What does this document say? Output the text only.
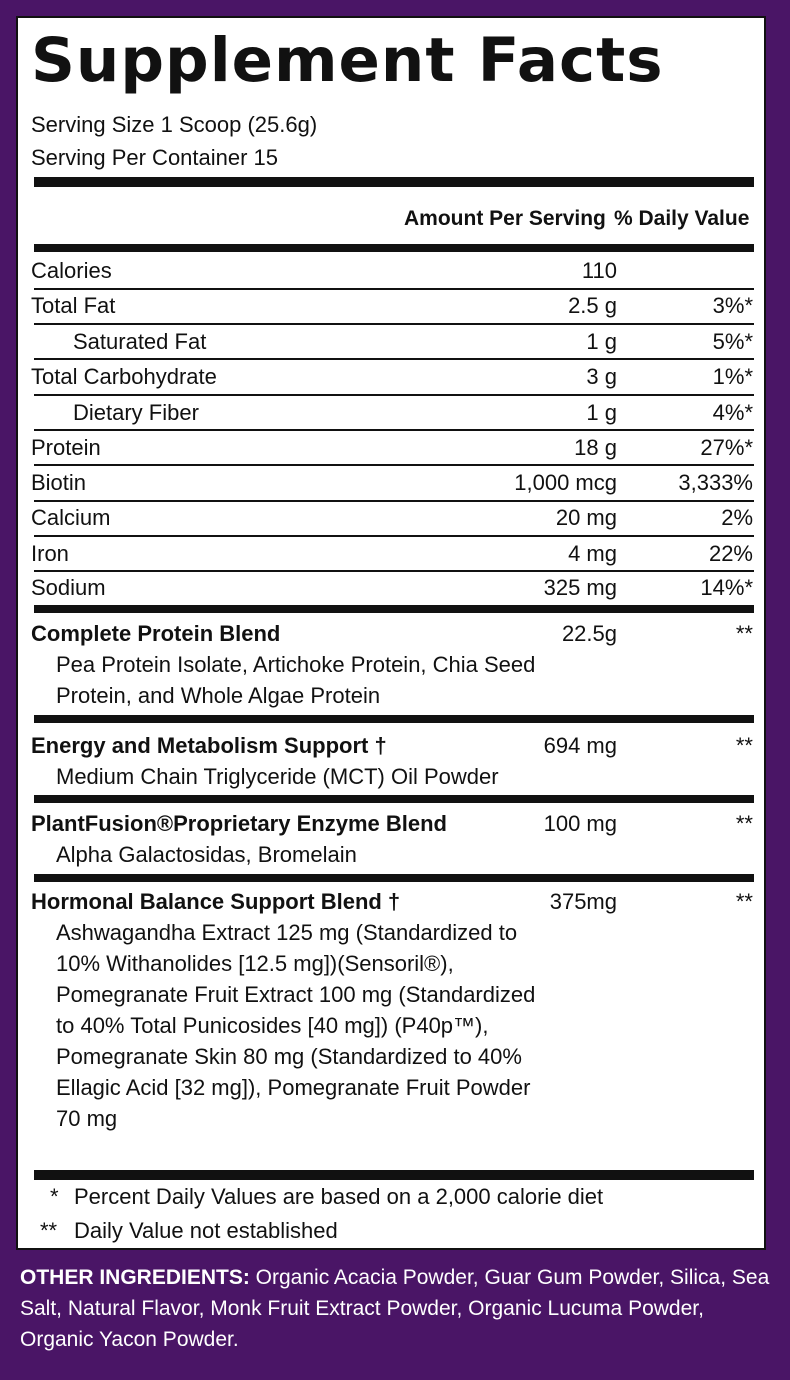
Supplement Facts
Serving Size 1 Scoop (25.6g)
Serving Per Container 15
Amount Per Serving % Daily Value
Calories	110
Total Fat	2.5 g	3%*
Saturated Fat	1 g	5%*
Total Carbohydrate	3 g	1%*
Dietary Fiber	1 g	4%*
Protein	18 g	27%*
Biotin	1,000 mcg	3,333%
Calcium	20 mg	2%
Iron	4 mg	22%
Sodium	325 mg	14%*
Complete Protein Blend	22.5g	**
Pea Protein Isolate, Artichoke Protein, Chia Seed Protein, and Whole Algae Protein
Energy and Metabolism Support †	694 mg	**
Medium Chain Triglyceride (MCT) Oil Powder
PlantFusion®Proprietary Enzyme Blend	100 mg	**
Alpha Galactosidas, Bromelain
Hormonal Balance Support Blend †	375mg	**
Ashwagandha Extract 125 mg (Standardized to 10% Withanolides [12.5 mg])(Sensoril®), Pomegranate Fruit Extract 100 mg (Standardized to 40% Total Punicosides [40 mg]) (P40p™), Pomegranate Skin 80 mg (Standardized to 40% Ellagic Acid [32 mg]), Pomegranate Fruit Powder 70 mg
* Percent Daily Values are based on a 2,000 calorie diet
** Daily Value not established
OTHER INGREDIENTS: Organic Acacia Powder, Guar Gum Powder, Silica, Sea Salt, Natural Flavor, Monk Fruit Extract Powder, Organic Lucuma Powder, Organic Yacon Powder.
